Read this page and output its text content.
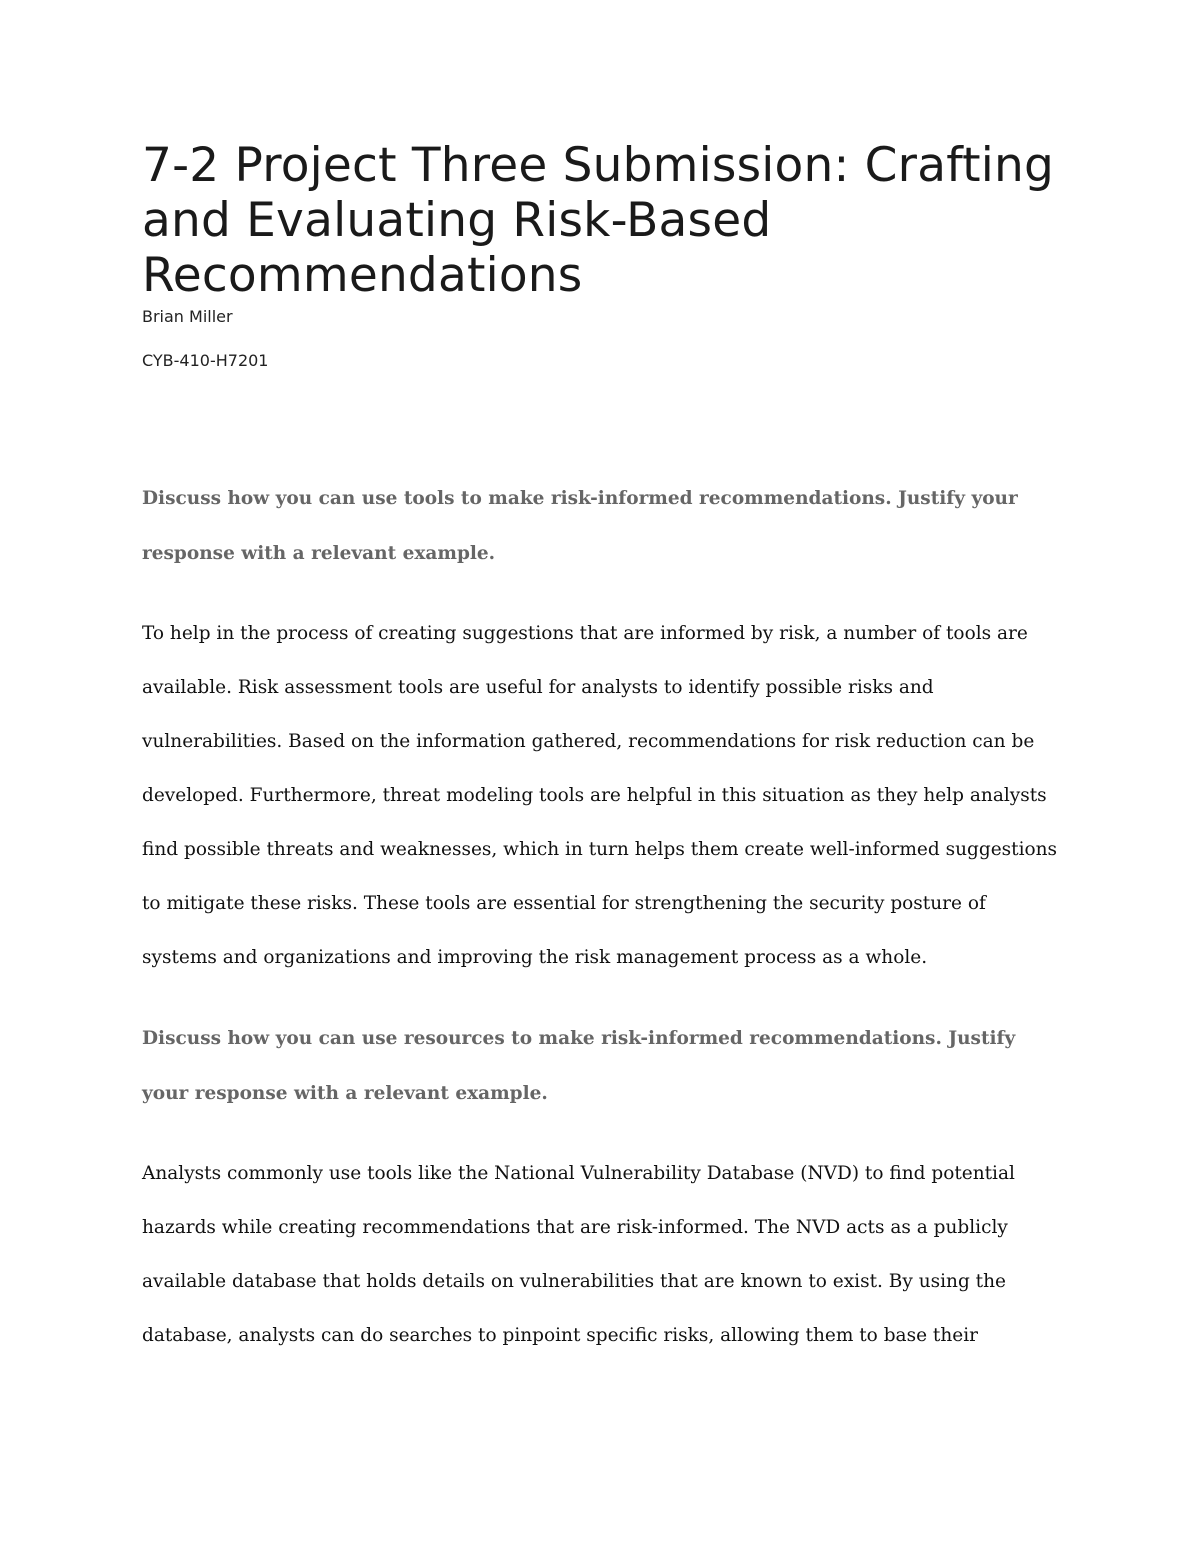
7-2 Project Three Submission: Crafting and Evaluating Risk-Based Recommendations

Brian Miller

CYB-410-H7201

Discuss how you can use tools to make risk-informed recommendations. Justify your response with a relevant example.

To help in the process of creating suggestions that are informed by risk, a number of tools are available. Risk assessment tools are useful for analysts to identify possible risks and vulnerabilities. Based on the information gathered, recommendations for risk reduction can be developed. Furthermore, threat modeling tools are helpful in this situation as they help analysts find possible threats and weaknesses, which in turn helps them create well-informed suggestions to mitigate these risks. These tools are essential for strengthening the security posture of systems and organizations and improving the risk management process as a whole.

Discuss how you can use resources to make risk-informed recommendations. Justify your response with a relevant example.

Analysts commonly use tools like the National Vulnerability Database (NVD) to find potential hazards while creating recommendations that are risk-informed. The NVD acts as a publicly available database that holds details on vulnerabilities that are known to exist. By using the database, analysts can do searches to pinpoint specific risks, allowing them to base their
